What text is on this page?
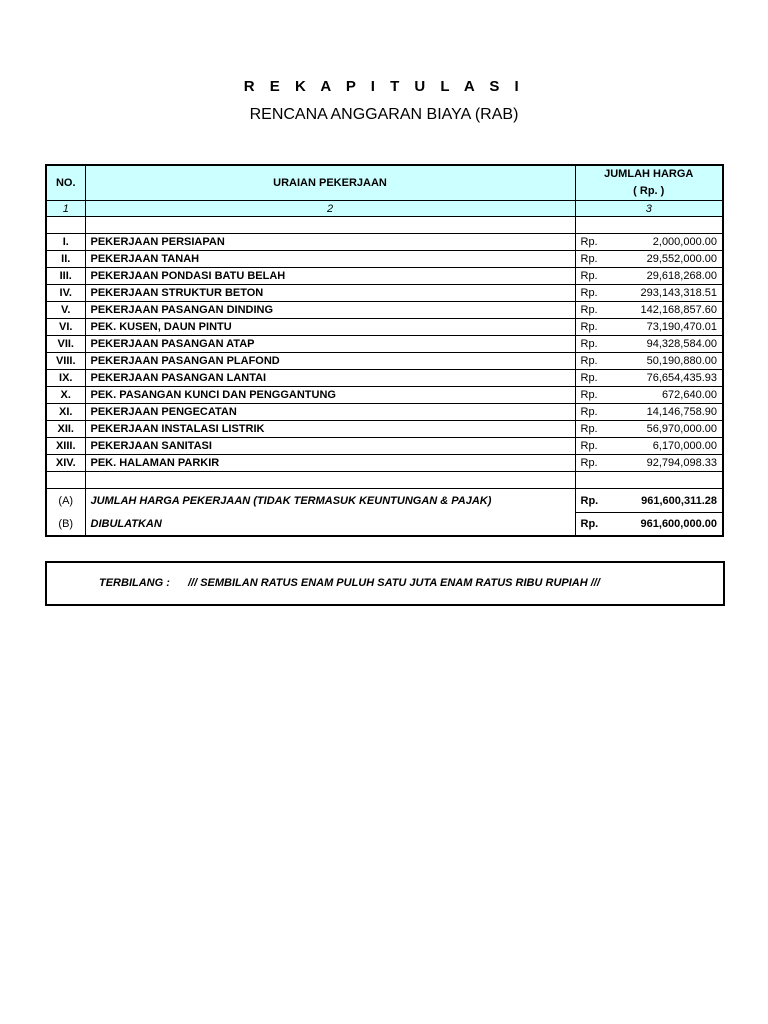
R E K A P I T U L A S I
RENCANA ANGGARAN BIAYA (RAB)
NO.	URAIAN PEKERJAAN	JUMLAH HARGA
( Rp. )

1	2	3

I.	PEKERJAAN PERSIAPAN	Rp. 2,000,000.00

II.	PEKERJAAN TANAH	Rp. 29,552,000.00

III.	PEKERJAAN PONDASI BATU BELAH	Rp. 29,618,268.00

IV.	PEKERJAAN STRUKTUR BETON	Rp. 293,143,318.51

V.	PEKERJAAN PASANGAN DINDING	Rp. 142,168,857.60

VI.	PEK. KUSEN, DAUN PINTU	Rp. 73,190,470.01

VII.	PEKERJAAN PASANGAN ATAP	Rp. 94,328,584.00

VIII.	PEKERJAAN PASANGAN PLAFOND	Rp. 50,190,880.00

IX.	PEKERJAAN PASANGAN LANTAI	Rp. 76,654,435.93

X.	PEK. PASANGAN KUNCI DAN PENGGANTUNG	Rp. 672,640.00

XI.	PEKERJAAN PENGECATAN	Rp. 14,146,758.90

XII.	PEKERJAAN INSTALASI LISTRIK	Rp. 56,970,000.00

XIII.	PEKERJAAN SANITASI	Rp. 6,170,000.00

XIV.	PEK. HALAMAN PARKIR	Rp. 92,794,098.33

(A)	JUMLAH HARGA PEKERJAAN (TIDAK TERMASUK KEUNTUNGAN & PAJAK)	Rp. 961,600,311.28

(B)	DIBULATKAN	Rp. 961,600,000.00
TERBILANG : /// SEMBILAN RATUS ENAM PULUH SATU JUTA ENAM RATUS RIBU RUPIAH ///
